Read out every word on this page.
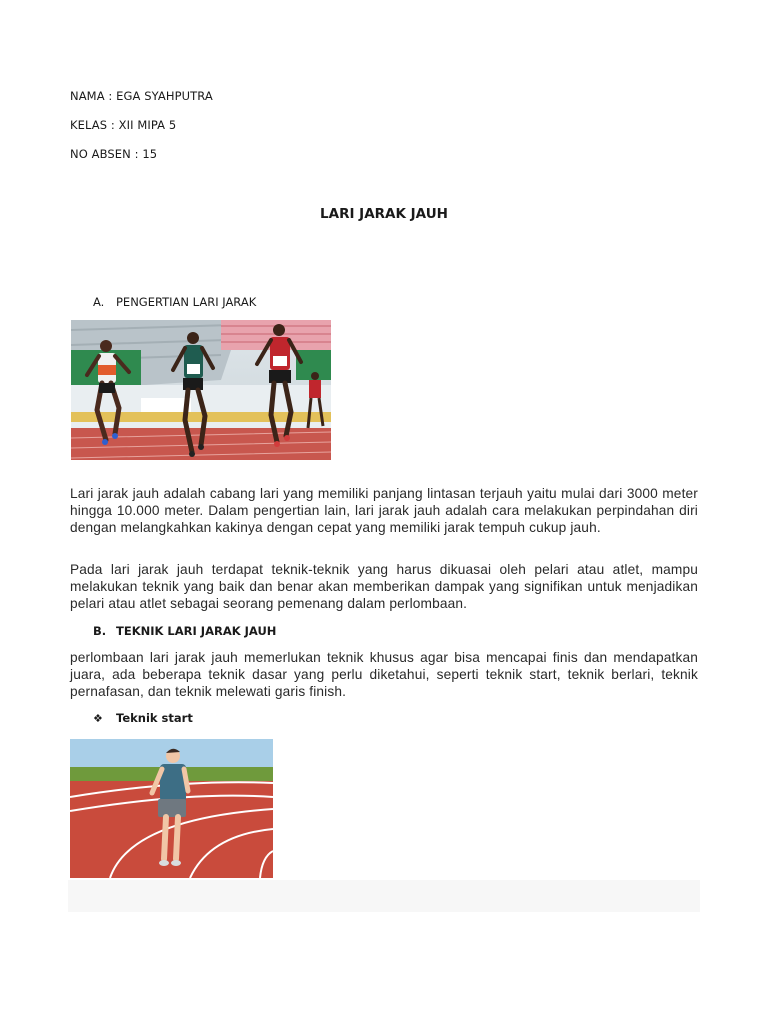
NAMA : EGA SYAHPUTRA
KELAS : XII MIPA 5
NO ABSEN : 15
LARI JARAK JAUH
A. PENGERTIAN LARI JARAK

Lari jarak jauh adalah cabang lari yang memiliki panjang lintasan terjauh yaitu mulai dari 3000 meter hingga 10.000 meter. Dalam pengertian lain, lari jarak jauh adalah cara melakukan perpindahan diri dengan melangkahkan kakinya dengan cepat yang memiliki jarak tempuh cukup jauh.

Pada lari jarak jauh terdapat teknik-teknik yang harus dikuasai oleh pelari atau atlet, mampu melakukan teknik yang baik dan benar akan memberikan dampak yang signifikan untuk menjadikan pelari atau atlet sebagai seorang pemenang dalam perlombaan.

B. TEKNIK LARI JARAK JAUH

perlombaan lari jarak jauh memerlukan teknik khusus agar bisa mencapai finis dan mendapatkan juara, ada beberapa teknik dasar yang perlu diketahui, seperti teknik start, teknik berlari, teknik pernafasan, dan teknik melewati garis finish.

❖ Teknik start
